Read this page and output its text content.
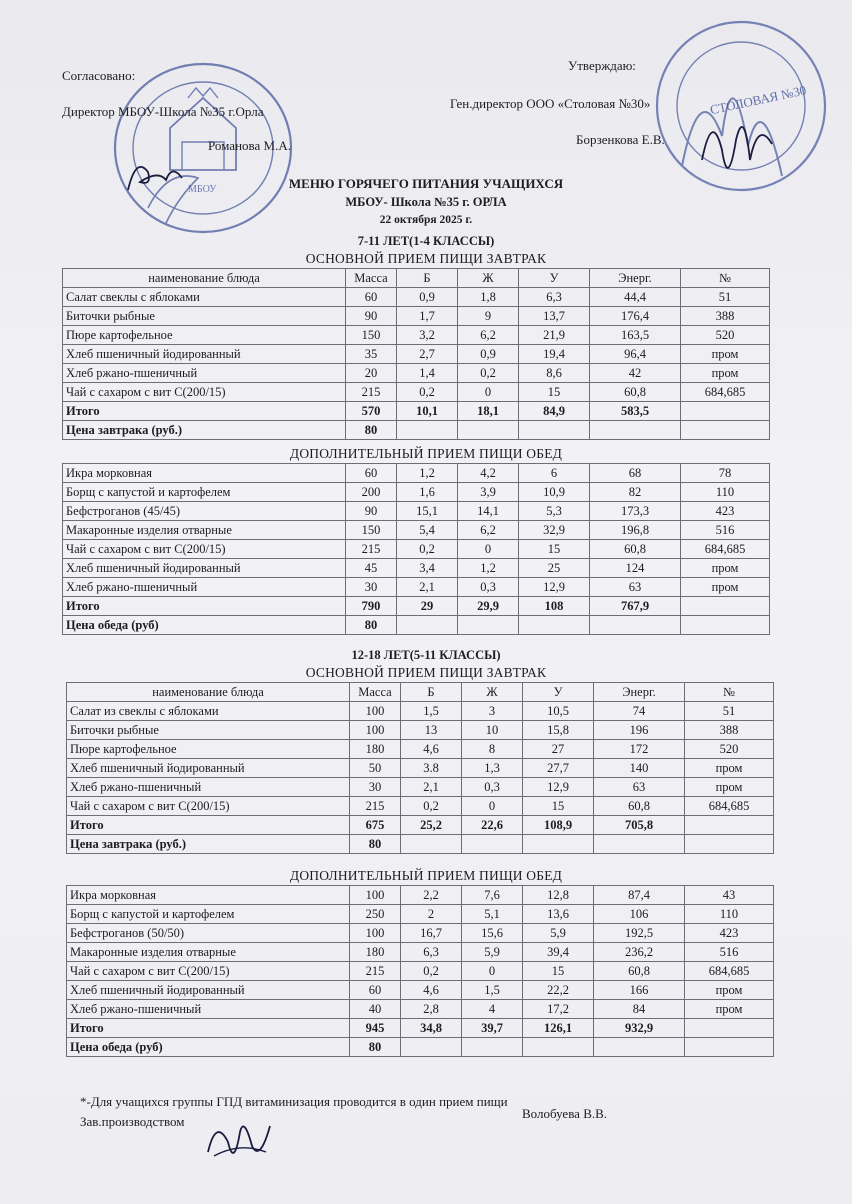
МБОУ
СТОЛОВАЯ №30
Согласовано:
Директор МБОУ-Школа №35 г.Орла
Романова М.А.
Утверждаю:
Ген.директор ООО «Столовая №30»
Борзенкова Е.В.
МЕНЮ ГОРЯЧЕГО ПИТАНИЯ УЧАЩИХСЯ
МБОУ- Школа №35 г. ОРЛА
22 октября 2025 г.
7-11 ЛЕТ(1-4 КЛАССЫ)
ОСНОВНОЙ ПРИЕМ ПИЩИ ЗАВТРАК
наименование блюда	Масса	Б	Ж	У	Энерг.	№
Салат свеклы с яблоками	60	0,9	1,8	6,3	44,4	51
Биточки рыбные	90	1,7	9	13,7	176,4	388
Пюре картофельное	150	3,2	6,2	21,9	163,5	520
Хлеб пшеничный йодированный	35	2,7	0,9	19,4	96,4	пром
Хлеб ржано-пшеничный	20	1,4	0,2	8,6	42	пром
Чай с сахаром с вит С(200/15)	215	0,2	0	15	60,8	684,685
Итого	570	10,1	18,1	84,9	583,5	
Цена завтрака (руб.)	80					
ДОПОЛНИТЕЛЬНЫЙ ПРИЕМ ПИЩИ ОБЕД
Икра морковная	60	1,2	4,2	6	68	78
Борщ с капустой и картофелем	200	1,6	3,9	10,9	82	110
Бефстроганов (45/45)	90	15,1	14,1	5,3	173,3	423
Макаронные изделия отварные	150	5,4	6,2	32,9	196,8	516
Чай с сахаром с вит С(200/15)	215	0,2	0	15	60,8	684,685
Хлеб пшеничный йодированный	45	3,4	1,2	25	124	пром
Хлеб ржано-пшеничный	30	2,1	0,3	12,9	63	пром
Итого	790	29	29,9	108	767,9	
Цена обеда (руб)	80					
12-18 ЛЕТ(5-11 КЛАССЫ)
ОСНОВНОЙ ПРИЕМ ПИЩИ ЗАВТРАК
наименование блюда	Масса	Б	Ж	У	Энерг.	№
Салат из свеклы с яблоками	100	1,5	3	10,5	74	51
Биточки рыбные	100	13	10	15,8	196	388
Пюре картофельное	180	4,6	8	27	172	520
Хлеб пшеничный йодированный	50	3.8	1,3	27,7	140	пром
Хлеб ржано-пшеничный	30	2,1	0,3	12,9	63	пром
Чай с сахаром с вит С(200/15)	215	0,2	0	15	60,8	684,685
Итого	675	25,2	22,6	108,9	705,8	
Цена завтрака (руб.)	80					
ДОПОЛНИТЕЛЬНЫЙ ПРИЕМ ПИЩИ ОБЕД
Икра морковная	100	2,2	7,6	12,8	87,4	43
Борщ с капустой и картофелем	250	2	5,1	13,6	106	110
Бефстроганов (50/50)	100	16,7	15,6	5,9	192,5	423
Макаронные изделия отварные	180	6,3	5,9	39,4	236,2	516
Чай с сахаром с вит С(200/15)	215	0,2	0	15	60,8	684,685
Хлеб пшеничный йодированный	60	4,6	1,5	22,2	166	пром
Хлеб ржано-пшеничный	40	2,8	4	17,2	84	пром
Итого	945	34,8	39,7	126,1	932,9	
Цена обеда (руб)	80					
*-Для учащихся группы ГПД витаминизация проводится в один прием пищи
Зав.производством
Волобуева В.В.
